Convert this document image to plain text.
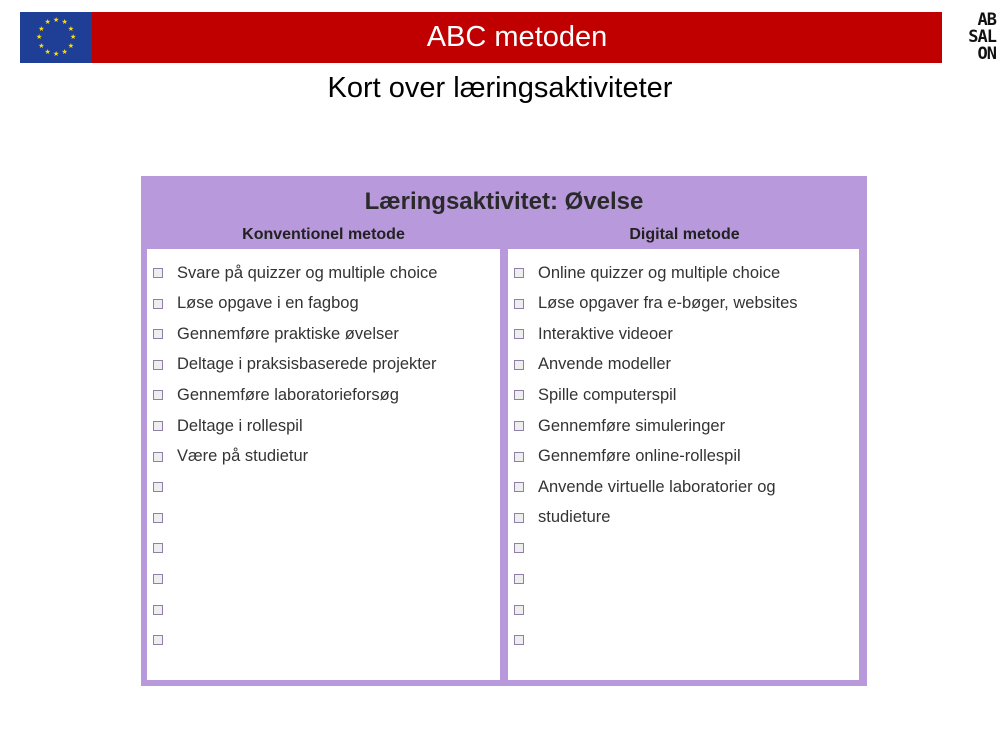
★
★
★
★
★
★
★
★
★ ★ ★
★	ABC metoden
AB
SAL
ON
Kort over læringsaktiviteter
Læringsaktivitet: Øvelse
Konventionel metode	Digital metode
Svare på quizzer og multiple choice
Løse opgave i en fagbog
Gennemføre praktiske øvelser
Deltage i praksisbaserede projekter
Gennemføre laboratorieforsøg
Deltage i rollespil
Være på studietur
Online quizzer og multiple choice
Løse opgaver fra e-bøger, websites
Interaktive videoer
Anvende modeller
Spille computerspil
Gennemføre simuleringer
Gennemføre online-rollespil
Anvende virtuelle laboratorier og
studieture
